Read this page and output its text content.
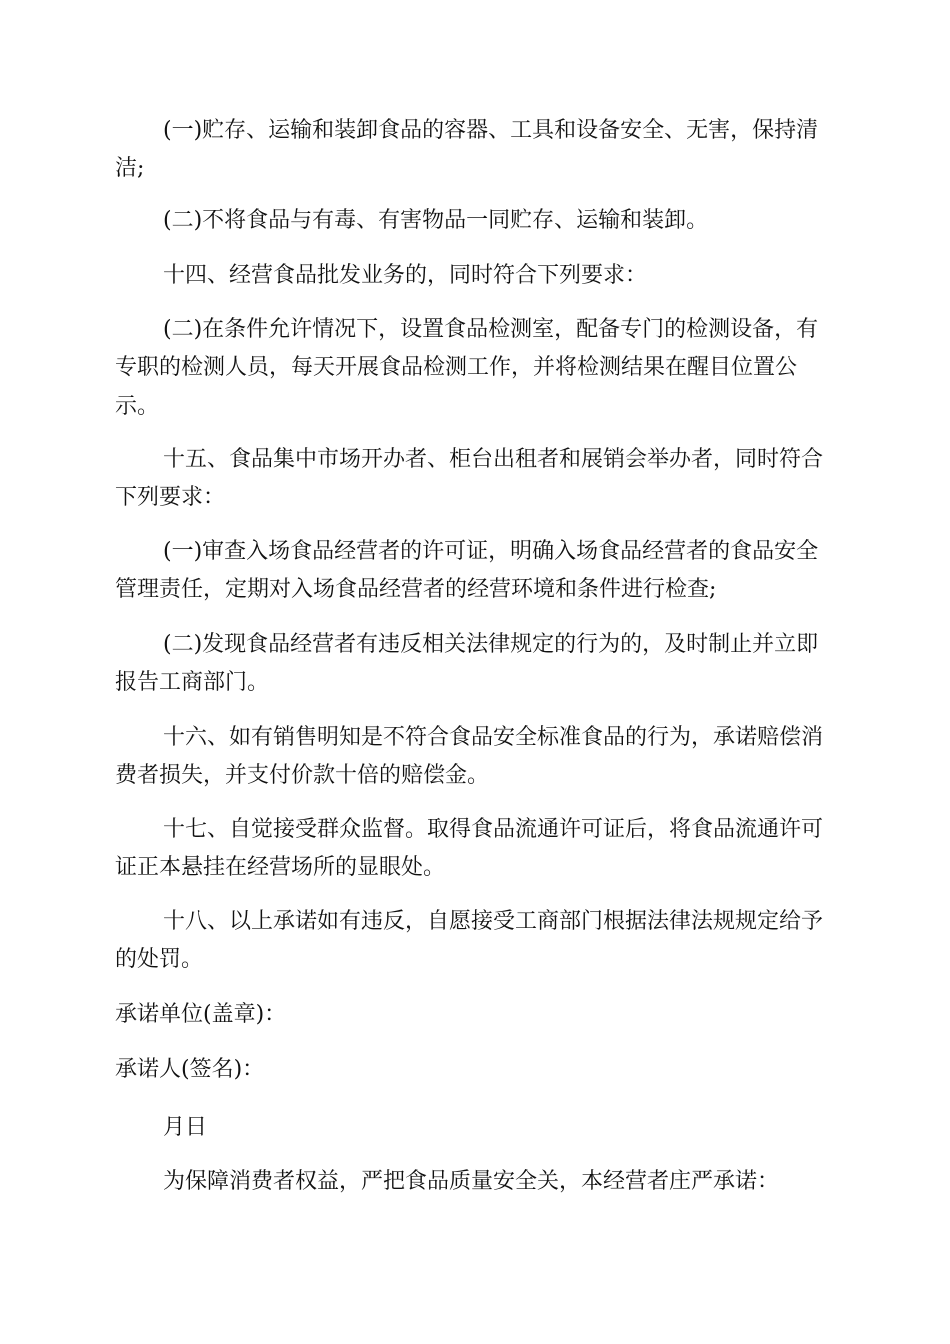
(一)贮存、运输和装卸食品的容器、工具和设备安全、无害，保持清
洁;
(二)不将食品与有毒、有害物品一同贮存、运输和装卸。
十四、经营食品批发业务的，同时符合下列要求：
(二)在条件允许情况下，设置食品检测室，配备专门的检测设备，有
专职的检测人员，每天开展食品检测工作，并将检测结果在醒目位置公
示。
十五、食品集中市场开办者、柜台出租者和展销会举办者，同时符合
下列要求：
(一)审查入场食品经营者的许可证，明确入场食品经营者的食品安全
管理责任，定期对入场食品经营者的经营环境和条件进行检查;
(二)发现食品经营者有违反相关法律规定的行为的，及时制止并立即
报告工商部门。
十六、如有销售明知是不符合食品安全标准食品的行为，承诺赔偿消
费者损失，并支付价款十倍的赔偿金。
十七、自觉接受群众监督。取得食品流通许可证后，将食品流通许可
证正本悬挂在经营场所的显眼处。
十八、以上承诺如有违反，自愿接受工商部门根据法律法规规定给予
的处罚。
承诺单位(盖章)：
承诺人(签名)：
月日
为保障消费者权益，严把食品质量安全关，本经营者庄严承诺：
